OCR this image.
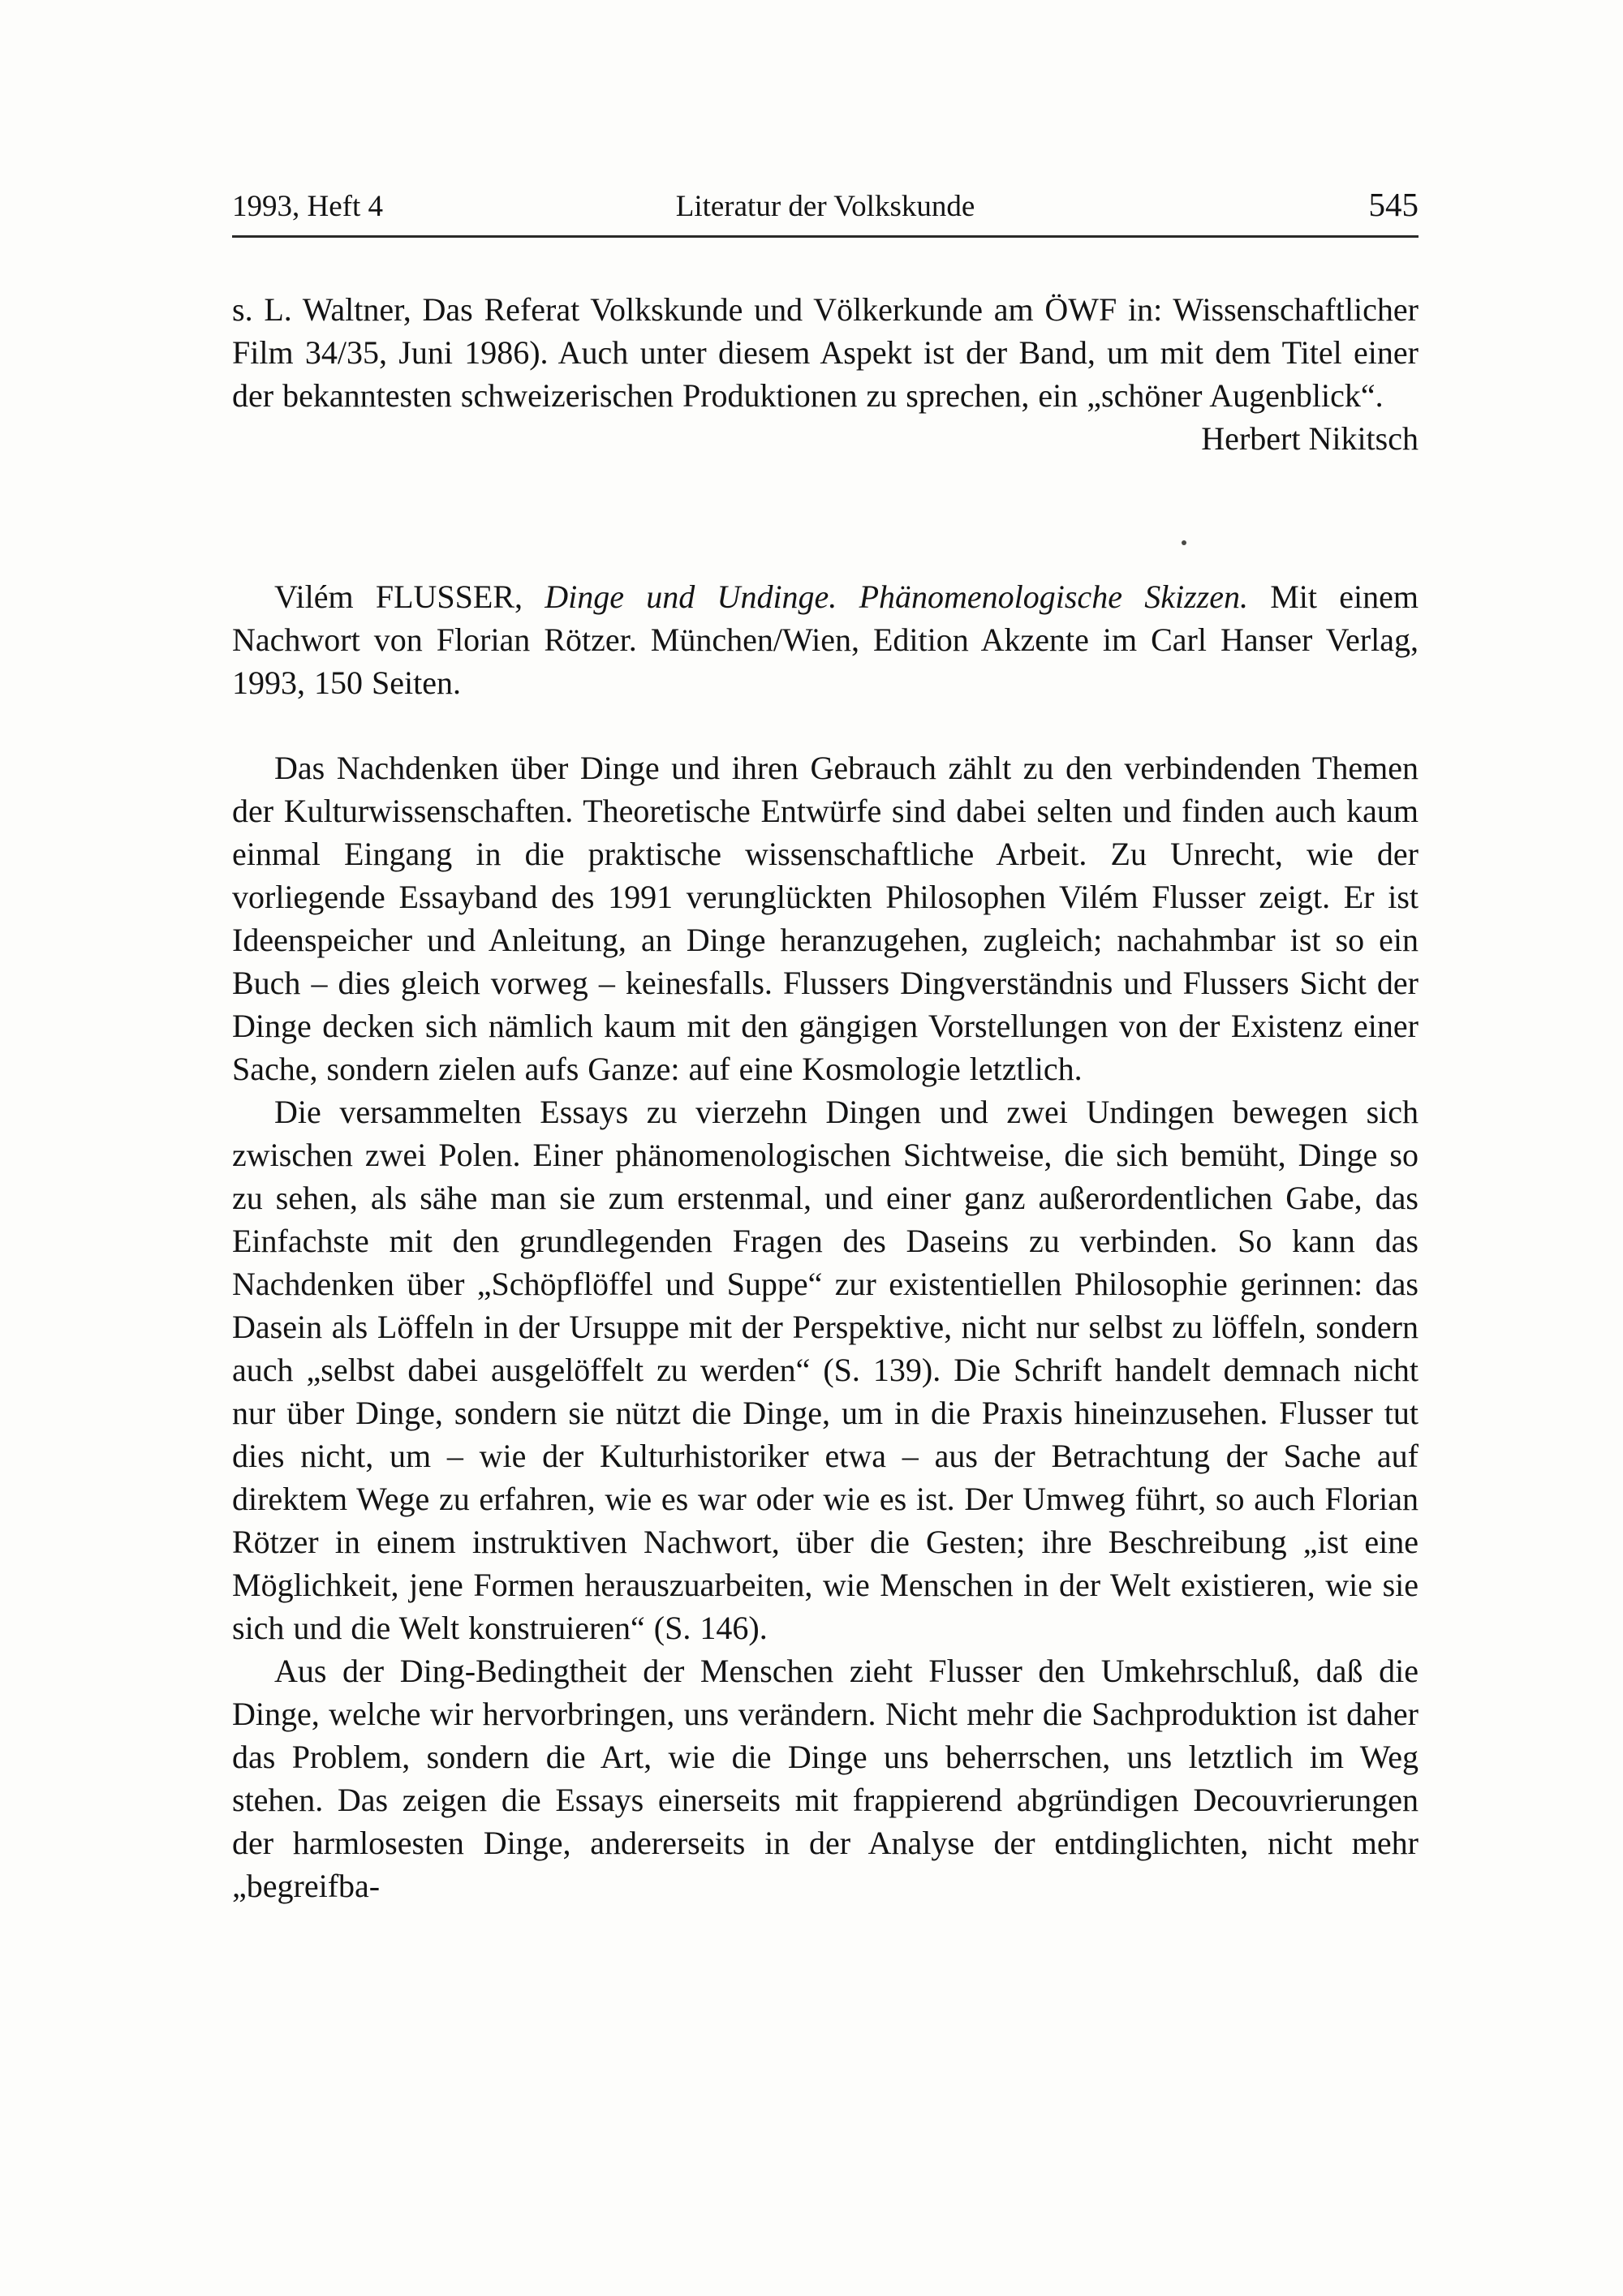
1993, Heft 4	Literatur der Volkskunde	545

s. L. Waltner, Das Referat Volkskunde und Völkerkunde am ÖWF in: Wissenschaftlicher Film 34/35, Juni 1986). Auch unter diesem Aspekt ist der Band, um mit dem Titel einer der bekanntesten schweizerischen Produktionen zu sprechen, ein „schöner Augenblick“.

Herbert Nikitsch

Vilém FLUSSER, Dinge und Undinge. Phänomenologische Skizzen. Mit einem Nachwort von Florian Rötzer. München/Wien, Edition Akzente im Carl Hanser Verlag, 1993, 150 Seiten.

Das Nachdenken über Dinge und ihren Gebrauch zählt zu den verbindenden Themen der Kulturwissenschaften. Theoretische Entwürfe sind dabei selten und finden auch kaum einmal Eingang in die praktische wissenschaftliche Arbeit. Zu Unrecht, wie der vorliegende Essayband des 1991 verunglückten Philosophen Vilém Flusser zeigt. Er ist Ideenspeicher und Anleitung, an Dinge heranzugehen, zugleich; nachahmbar ist so ein Buch – dies gleich vorweg – keinesfalls. Flussers Dingverständnis und Flussers Sicht der Dinge decken sich nämlich kaum mit den gängigen Vorstellungen von der Existenz einer Sache, sondern zielen aufs Ganze: auf eine Kosmologie letztlich.

Die versammelten Essays zu vierzehn Dingen und zwei Undingen bewegen sich zwischen zwei Polen. Einer phänomenologischen Sichtweise, die sich bemüht, Dinge so zu sehen, als sähe man sie zum erstenmal, und einer ganz außerordentlichen Gabe, das Einfachste mit den grundlegenden Fragen des Daseins zu verbinden. So kann das Nachdenken über „Schöpflöffel und Suppe“ zur existentiellen Philosophie gerinnen: das Dasein als Löffeln in der Ursuppe mit der Perspektive, nicht nur selbst zu löffeln, sondern auch „selbst dabei ausgelöffelt zu werden“ (S. 139). Die Schrift handelt demnach nicht nur über Dinge, sondern sie nützt die Dinge, um in die Praxis hineinzusehen. Flusser tut dies nicht, um – wie der Kulturhistoriker etwa – aus der Betrachtung der Sache auf direktem Wege zu erfahren, wie es war oder wie es ist. Der Umweg führt, so auch Florian Rötzer in einem instruktiven Nachwort, über die Gesten; ihre Beschreibung „ist eine Möglichkeit, jene Formen herauszuarbeiten, wie Menschen in der Welt existieren, wie sie sich und die Welt konstruieren“ (S. 146).

Aus der Ding-Bedingtheit der Menschen zieht Flusser den Umkehrschluß, daß die Dinge, welche wir hervorbringen, uns verändern. Nicht mehr die Sachproduktion ist daher das Problem, sondern die Art, wie die Dinge uns beherrschen, uns letztlich im Weg stehen. Das zeigen die Essays einerseits mit frappierend abgründigen Decouvrierungen der harmlosesten Dinge, andererseits in der Analyse der entdinglichten, nicht mehr „begreifba-
